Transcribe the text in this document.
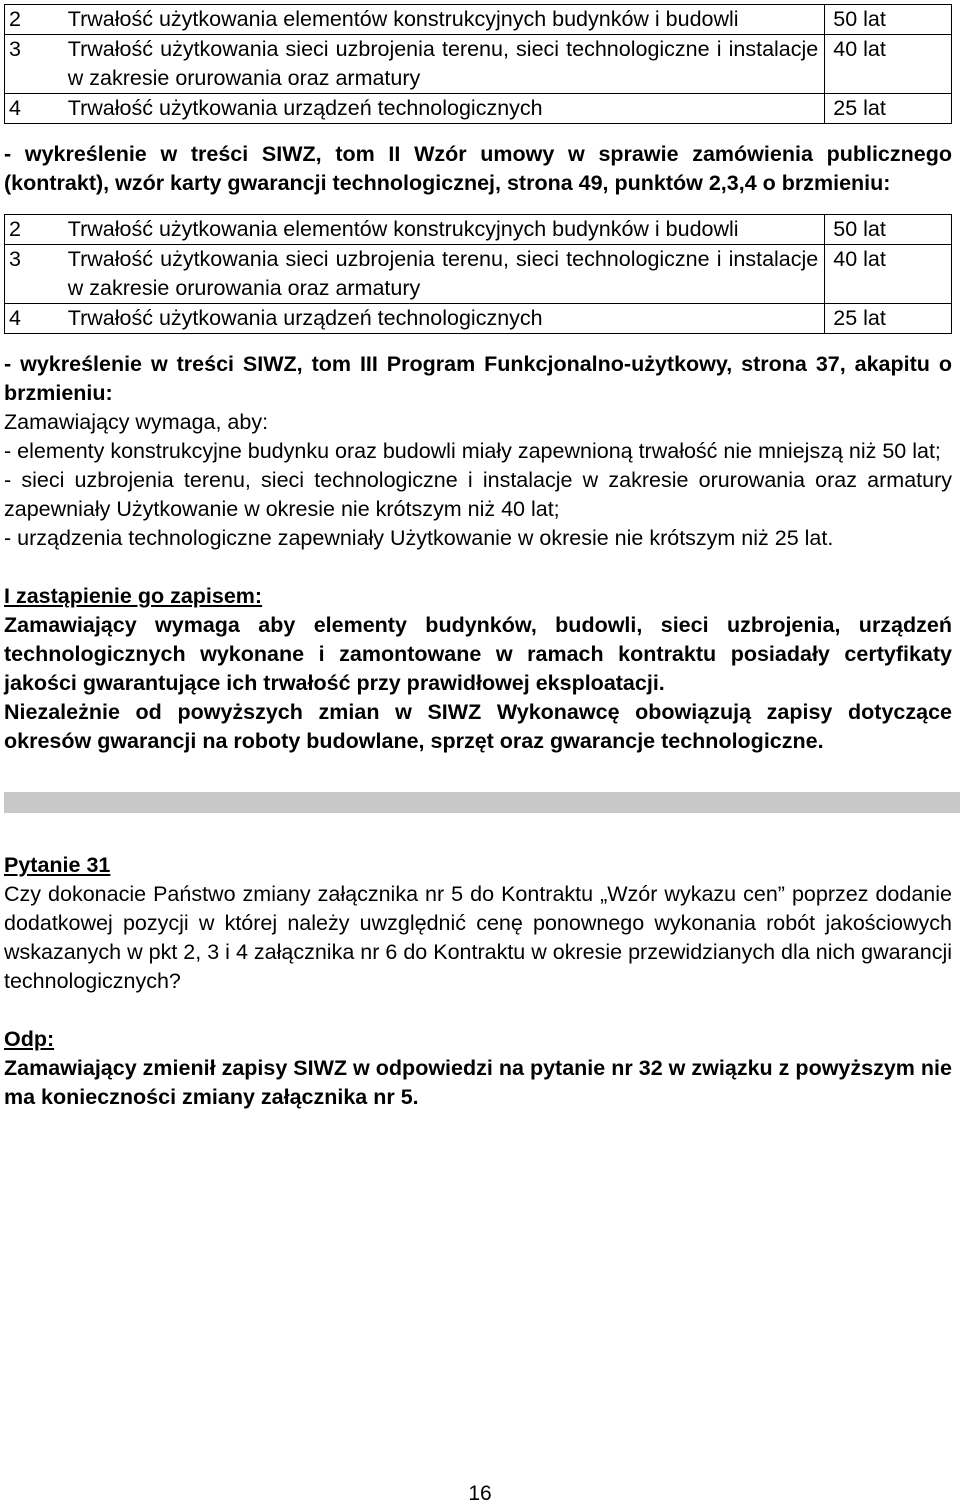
2	Trwałość użytkowania elementów konstrukcyjnych budynków i budowli	50 lat
3	Trwałość użytkowania sieci uzbrojenia terenu, sieci technologiczne i instalacje w zakresie orurowania oraz armatury	40 lat
4	Trwałość użytkowania urządzeń technologicznych	25 lat

- wykreślenie w treści SIWZ, tom II Wzór umowy w sprawie zamówienia publicznego (kontrakt), wzór karty gwarancji technologicznej, strona 49, punktów 2,3,4 o brzmieniu:

2	Trwałość użytkowania elementów konstrukcyjnych budynków i budowli	50 lat
3	Trwałość użytkowania sieci uzbrojenia terenu, sieci technologiczne i instalacje w zakresie orurowania oraz armatury	40 lat
4	Trwałość użytkowania urządzeń technologicznych	25 lat

- wykreślenie w treści SIWZ, tom III Program Funkcjonalno-użytkowy, strona 37, akapitu o brzmieniu:

Zamawiający wymaga, aby:

- elementy konstrukcyjne budynku oraz budowli miały zapewnioną trwałość nie mniejszą niż 50 lat;

- sieci uzbrojenia terenu, sieci technologiczne i instalacje w zakresie orurowania oraz armatury zapewniały Użytkowanie w okresie nie krótszym niż 40 lat;

- urządzenia technologiczne zapewniały Użytkowanie w okresie nie krótszym niż 25 lat.

I zastąpienie go zapisem:

Zamawiający wymaga aby elementy budynków, budowli, sieci uzbrojenia, urządzeń technologicznych wykonane i zamontowane w ramach kontraktu posiadały certyfikaty jakości gwarantujące ich trwałość przy prawidłowej eksploatacji.

Niezależnie od powyższych zmian w SIWZ Wykonawcę obowiązują zapisy dotyczące okresów gwarancji na roboty budowlane, sprzęt oraz gwarancje technologiczne.

Pytanie 31

Czy dokonacie Państwo zmiany załącznika nr 5 do Kontraktu „Wzór wykazu cen” poprzez dodanie dodatkowej pozycji w której należy uwzględnić cenę ponownego wykonania robót jakościowych wskazanych w pkt 2, 3 i 4 załącznika nr 6 do Kontraktu w okresie przewidzianych dla nich gwarancji technologicznych?

Odp:

Zamawiający zmienił zapisy SIWZ w odpowiedzi na pytanie nr 32 w związku z powyższym nie ma konieczności zmiany załącznika nr 5.

16
